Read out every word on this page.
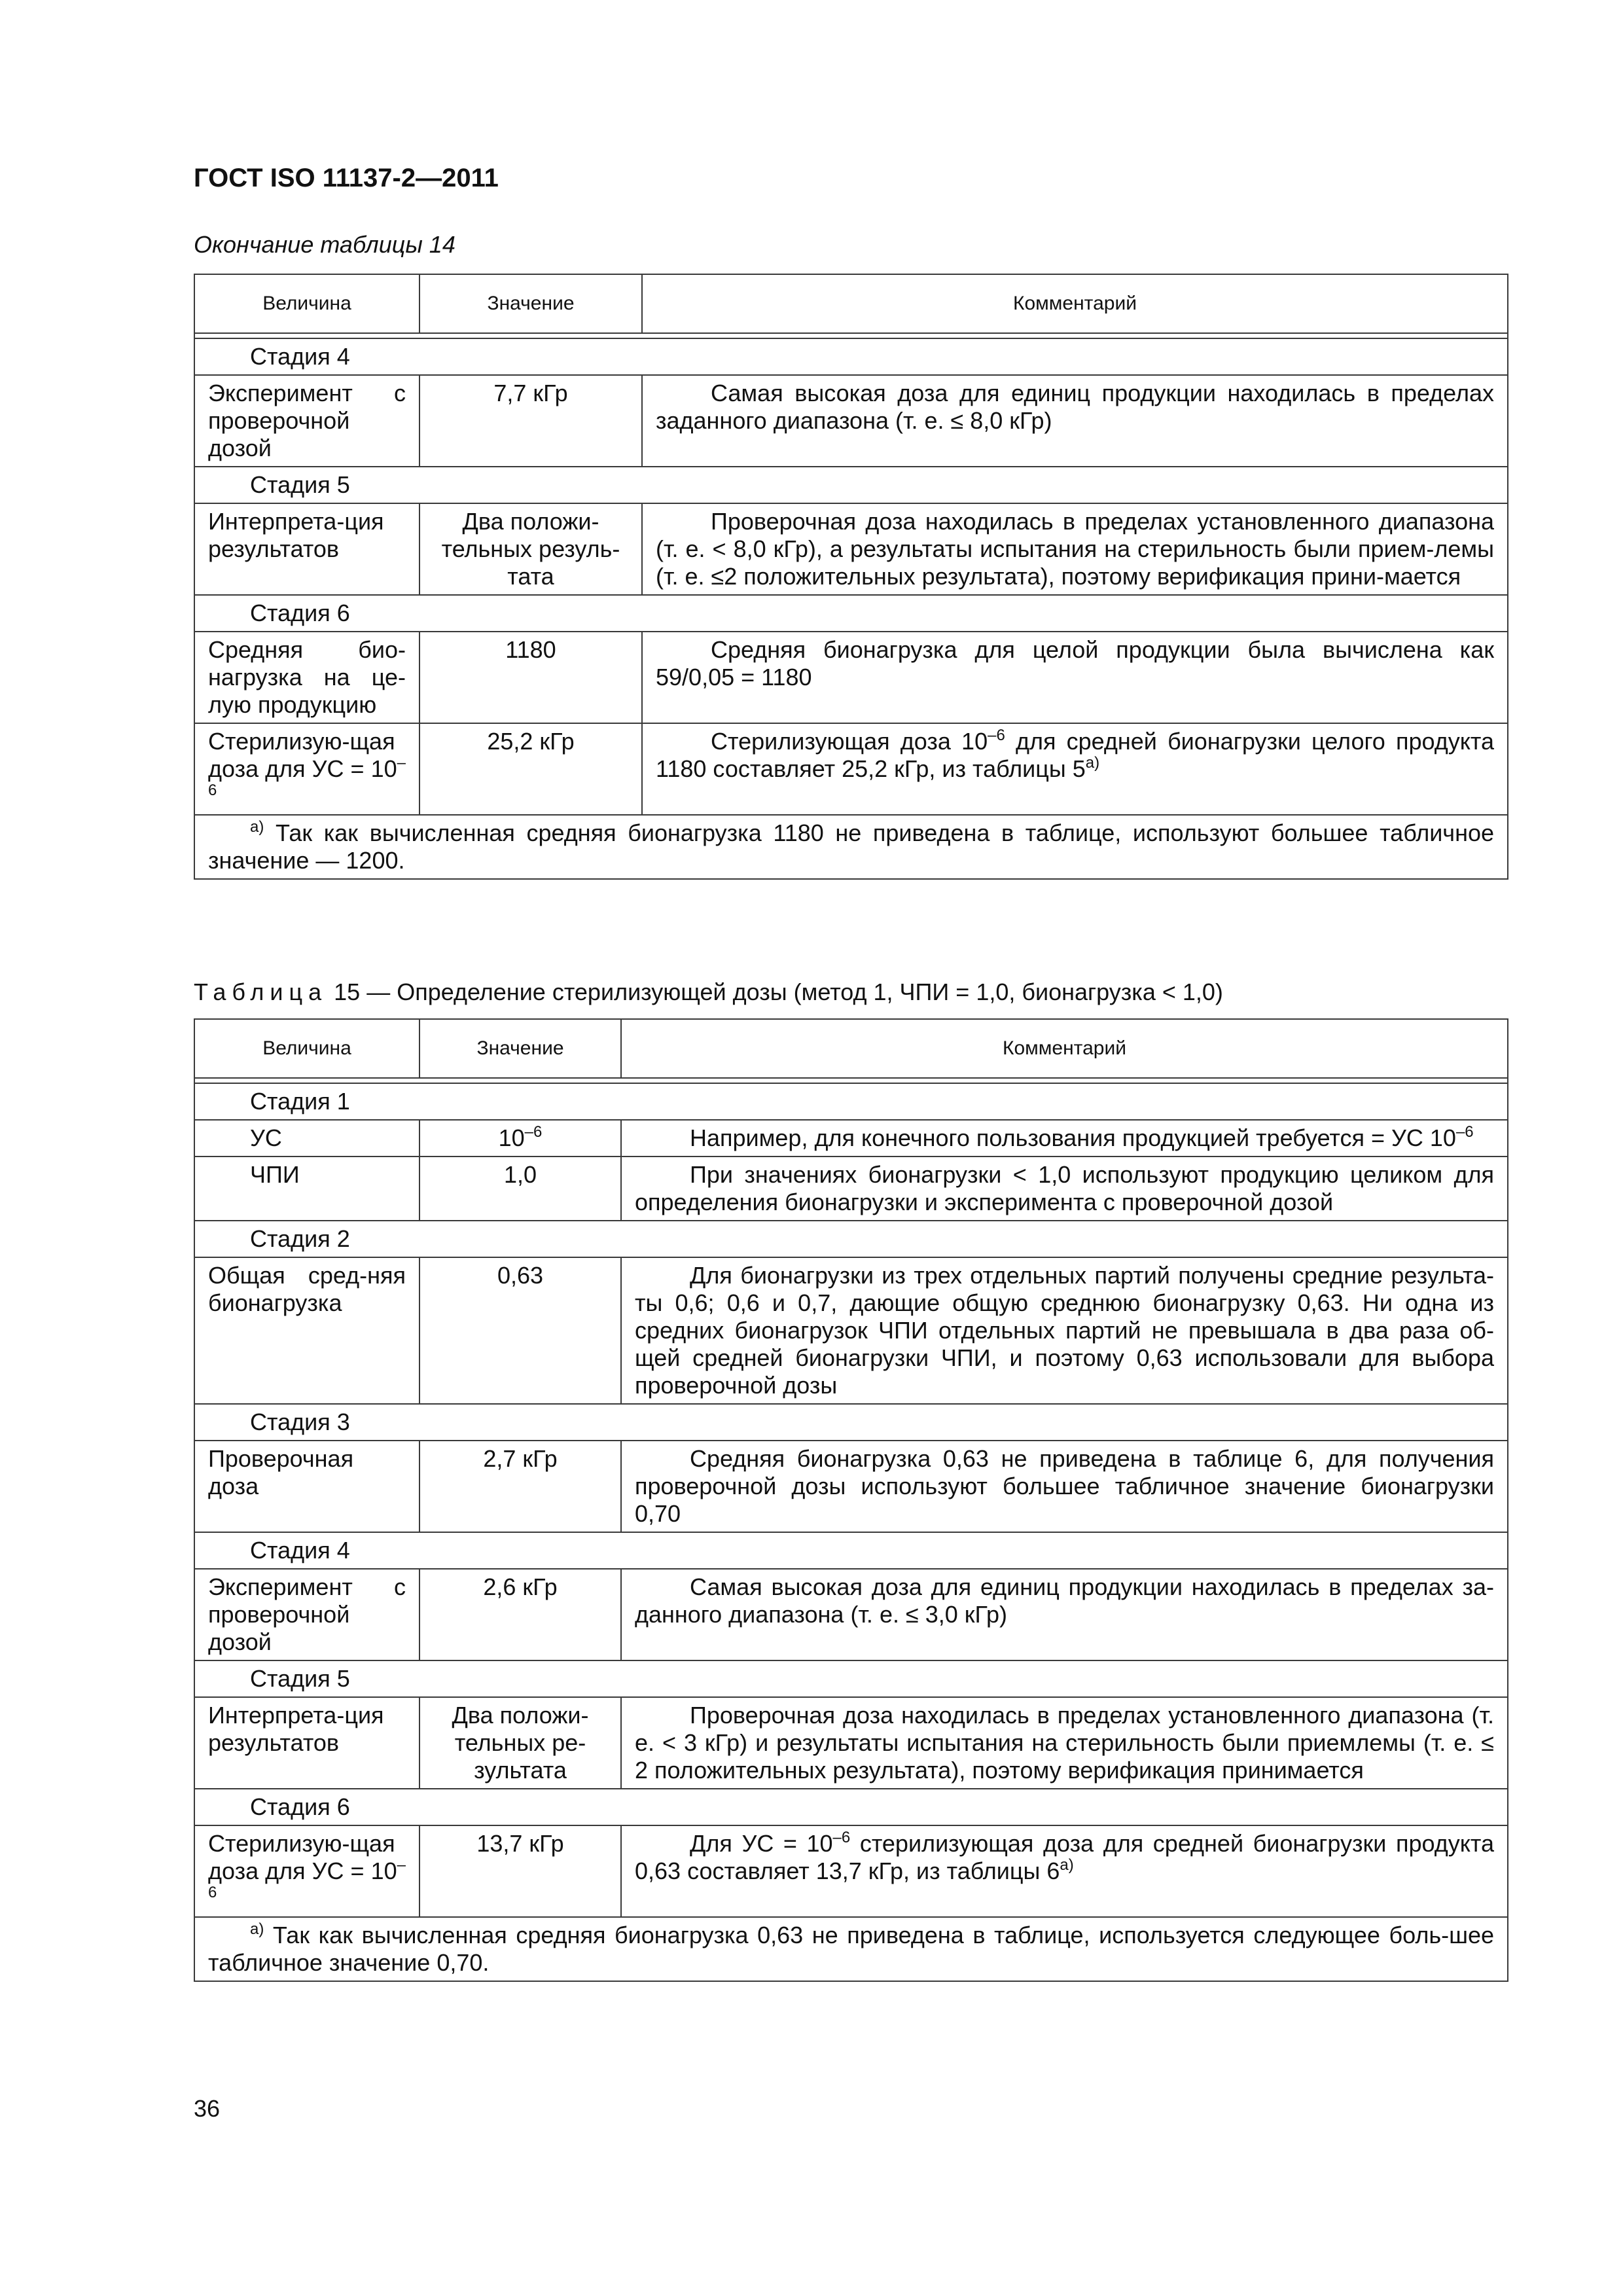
ГОСТ ISO 11137-2—2011

Окончание таблицы 14

Величина	Значение	Комментарий

Стадия 4		
Эксперимент с проверочной дозой	7,7 кГр	Самая высокая доза для единиц продукции находилась в пределах заданного диапазона (т. е. ≤ 8,0 кГр)
Стадия 5		
Интерпрета-ция результатов	Два положи-тельных резуль-тата	Проверочная доза находилась в пределах установленного диапазона (т. е. < 8,0 кГр), а результаты испытания на стерильность были прием-лемы (т. е. ≤2 положительных результата), поэтому верификация прини-мается
Стадия 6		
Средняя био-нагрузка на це-лую продукцию	1180	Средняя бионагрузка для целой продукции была вычислена как 59/0,05 = 1180
Стерилизую-щая доза для УС = $10^{-6}$	25,2 кГр	Стерилизующая доза $10^{-6}$ для средней бионагрузки целого продукта 1180 составляет 25,2 кГр, из таблицы $5^{а)}$
$^{а)}$ Так как вычисленная средняя бионагрузка 1180 не приведена в таблице, используют большее табличное значение — 1200.		

Таблица 15 — Определение стерилизующей дозы (метод 1, ЧПИ = 1,0, бионагрузка < 1,0)

Величина	Значение	Комментарий

Стадия 1		
УС	$10^{-6}$	Например, для конечного пользования продукцией требуется = УС $10^{-6}$
ЧПИ	1,0	При значениях бионагрузки < 1,0 используют продукцию целиком для определения бионагрузки и эксперимента с проверочной дозой
Стадия 2		
Общая сред-няя бионагрузка	0,63	Для бионагрузки из трех отдельных партий получены средние результа-ты 0,6; 0,6 и 0,7, дающие общую среднюю бионагрузку 0,63. Ни одна из средних бионагрузок ЧПИ отдельных партий не превышала в два раза об-щей средней бионагрузки ЧПИ, и поэтому 0,63 использовали для выбора проверочной дозы
Стадия 3		
Проверочная доза	2,7 кГр	Средняя бионагрузка 0,63 не приведена в таблице 6, для получения проверочной дозы используют большее табличное значение бионагрузки 0,70
Стадия 4		
Эксперимент с проверочной дозой	2,6 кГр	Самая высокая доза для единиц продукции находилась в пределах за-данного диапазона (т. е. ≤ 3,0 кГр)
Стадия 5		
Интерпрета-ция результатов	Два положи-тельных ре-зультата	Проверочная доза находилась в пределах установленного диапазона (т. е. < 3 кГр) и результаты испытания на стерильность были приемлемы (т. е. ≤ 2 положительных результата), поэтому верификация принимается
Стадия 6		
Стерилизую-щая доза для УС = $10^{-6}$	13,7 кГр	Для УС = $10^{-6}$ стерилизующая доза для средней бионагрузки продукта 0,63 составляет 13,7 кГр, из таблицы $6^{а)}$
$^{а)}$ Так как вычисленная средняя бионагрузка 0,63 не приведена в таблице, используется следующее боль-шее табличное значение 0,70.		

36
